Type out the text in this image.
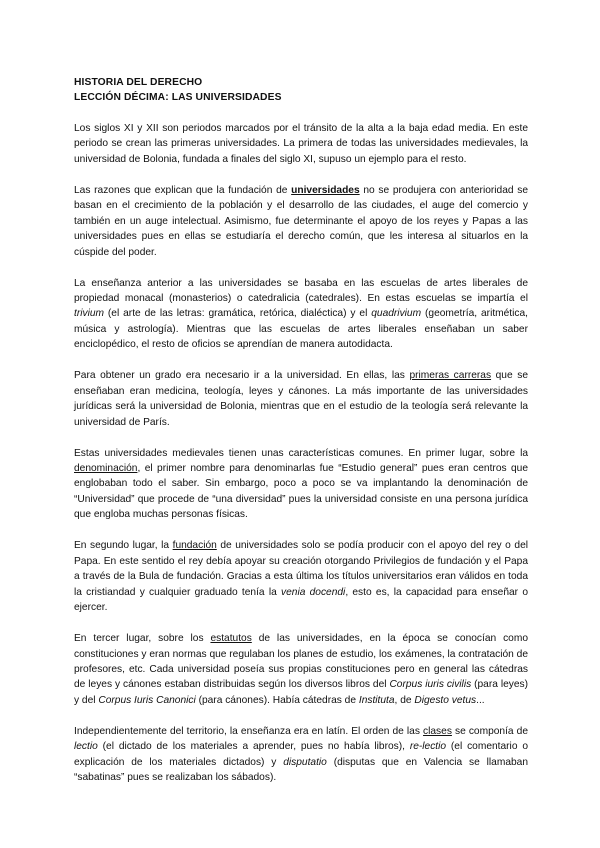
HISTORIA DEL DERECHO
LECCIÓN DÉCIMA: LAS UNIVERSIDADES

Los siglos XI y XII son periodos marcados por el tránsito de la alta a la baja edad media. En este periodo se crean las primeras universidades. La primera de todas las universidades medievales, la universidad de Bolonia, fundada a finales del siglo XI, supuso un ejemplo para el resto.

Las razones que explican que la fundación de universidades no se produjera con anterioridad se basan en el crecimiento de la población y el desarrollo de las ciudades, el auge del comercio y también en un auge intelectual. Asimismo, fue determinante el apoyo de los reyes y Papas a las universidades pues en ellas se estudiaría el derecho común, que les interesa al situarlos en la cúspide del poder.

La enseñanza anterior a las universidades se basaba en las escuelas de artes liberales de propiedad monacal (monasterios) o catedralicia (catedrales). En estas escuelas se impartía el trivium (el arte de las letras: gramática, retórica, dialéctica) y el quadrivium (geometría, aritmética, música y astrología). Mientras que las escuelas de artes liberales enseñaban un saber enciclopédico, el resto de oficios se aprendían de manera autodidacta.

Para obtener un grado era necesario ir a la universidad. En ellas, las primeras carreras que se enseñaban eran medicina, teología, leyes y cánones. La más importante de las universidades jurídicas será la universidad de Bolonia, mientras que en el estudio de la teología será relevante la universidad de París.

Estas universidades medievales tienen unas características comunes. En primer lugar, sobre la denominación, el primer nombre para denominarlas fue “Estudio general” pues eran centros que englobaban todo el saber. Sin embargo, poco a poco se va implantando la denominación de “Universidad” que procede de “una diversidad” pues la universidad consiste en una persona jurídica que engloba muchas personas físicas.

En segundo lugar, la fundación de universidades solo se podía producir con el apoyo del rey o del Papa. En este sentido el rey debía apoyar su creación otorgando Privilegios de fundación y el Papa a través de la Bula de fundación. Gracias a esta última los títulos universitarios eran válidos en toda la cristiandad y cualquier graduado tenía la venia docendi, esto es, la capacidad para enseñar o ejercer.

En tercer lugar, sobre los estatutos de las universidades, en la época se conocían como constituciones y eran normas que regulaban los planes de estudio, los exámenes, la contratación de profesores, etc. Cada universidad poseía sus propias constituciones pero en general las cátedras de leyes y cánones estaban distribuidas según los diversos libros del Corpus iuris civilis (para leyes) y del Corpus Iuris Canonici (para cánones). Había cátedras de Instituta, de Digesto vetus...

Independientemente del territorio, la enseñanza era en latín. El orden de las clases se componía de lectio (el dictado de los materiales a aprender, pues no había libros), re-lectio (el comentario o explicación de los materiales dictados) y disputatio (disputas que en Valencia se llamaban “sabatinas” pues se realizaban los sábados).
